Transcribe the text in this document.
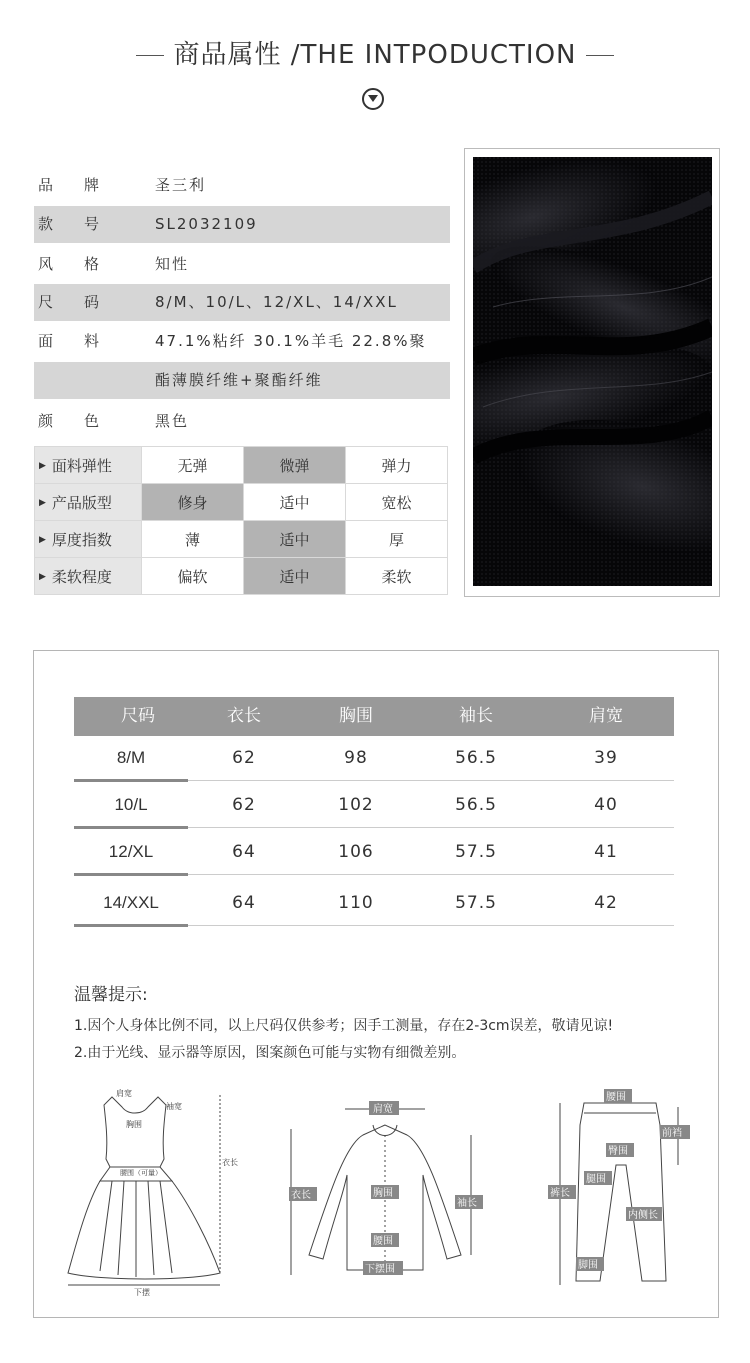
商品属性 /THE INTPODUCTION
品 牌	圣三利
款 号	SL2032109
风 格	知性
尺 码	8/M、10/L、12/XL、14/XXL
面 料	47.1%粘纤 30.1%羊毛 22.8%聚
酯薄膜纤维+聚酯纤维
颜 色	黑色
▶ 面料弹性	无弹	微弹	弹力
▶ 产品版型	修身	适中	宽松
▶ 厚度指数	薄	适中	厚
▶ 柔软程度	偏软	适中	柔软
尺码	衣长	胸围	袖长	肩宽
8/M	62	98	56.5	39
10/L	62	102	56.5	40
12/XL	64	106	57.5	41
14/XXL	64	110	57.5	42
温馨提示:
1.因个人身体比例不同，以上尺码仅供参考；因手工测量，存在2-3cm误差，敬请见谅!
2.由于光线、显示器等原因，图案颜色可能与实物有细微差别。
肩宽
袖宽
胸围
腰围（可量）
衣长
下摆
肩宽
衣长	胸围
袖长
腰围
下摆围
腰围
前裆
臀围
腿围
裤长
内侧长
脚围
